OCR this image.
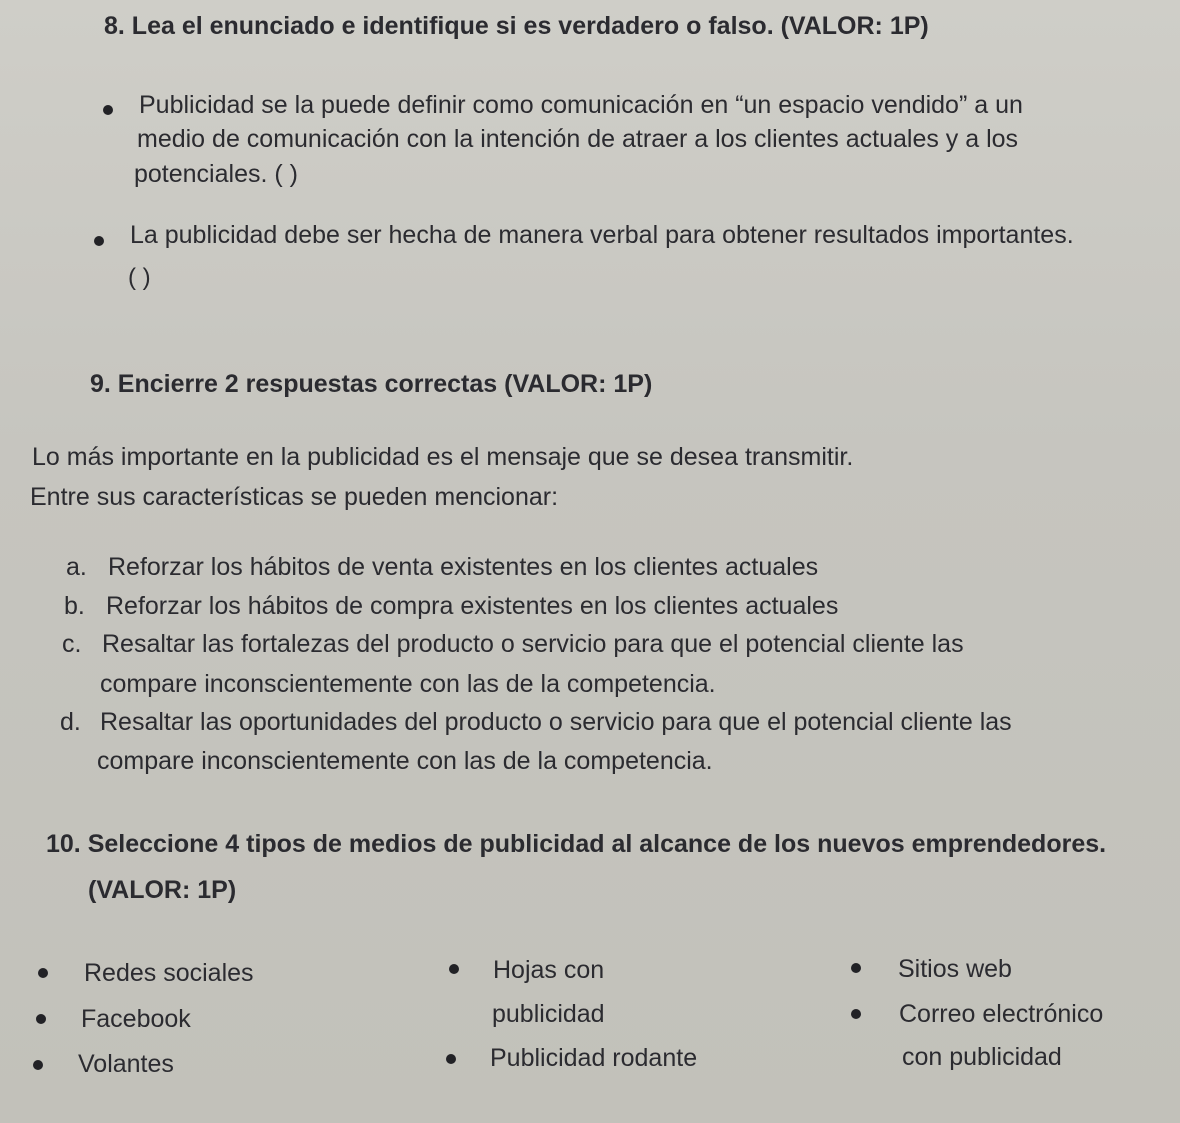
8. Lea el enunciado e identifique si es verdadero o falso. (VALOR: 1P)
Publicidad se la puede definir como comunicación en “un espacio vendido” a un
medio de comunicación con la intención de atraer a los clientes actuales y a los
potenciales. ( )
La publicidad debe ser hecha de manera verbal para obtener resultados importantes.
( )
9. Encierre 2 respuestas correctas (VALOR: 1P)
Lo más importante en la publicidad es el mensaje que se desea transmitir.
Entre sus características se pueden mencionar:
a. Reforzar los hábitos de venta existentes en los clientes actuales
b. Reforzar los hábitos de compra existentes en los clientes actuales
c. Resaltar las fortalezas del producto o servicio para que el potencial cliente las
compare inconscientemente con las de la competencia.
d. Resaltar las oportunidades del producto o servicio para que el potencial cliente las
compare inconscientemente con las de la competencia.
10. Seleccione 4 tipos de medios de publicidad al alcance de los nuevos emprendedores.
(VALOR: 1P)
Redes sociales
Facebook
Volantes
Hojas con
publicidad
Publicidad rodante
Sitios web
Correo electrónico
con publicidad
